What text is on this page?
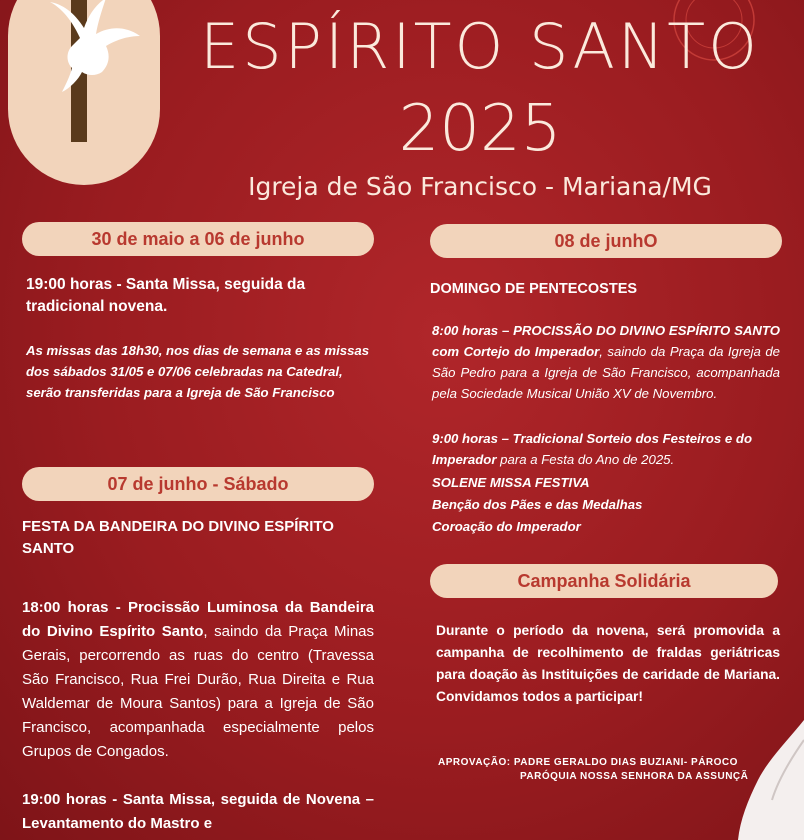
ESPÍRITO SANTO
2025
Igreja de São Francisco - Mariana/MG
30 de maio a 06 de junho
19:00 horas - Santa Missa, seguida da tradicional novena.
As missas das 18h30, nos dias de semana e as missas dos sábados 31/05 e 07/06 celebradas na Catedral, serão transferidas para a Igreja de São Francisco
07 de junho - Sábado
FESTA DA BANDEIRA DO DIVINO ESPÍRITO SANTO
18:00 horas - Procissão Luminosa da Bandeira do Divino Espírito Santo, saindo da Praça Minas Gerais, percorrendo as ruas do centro (Travessa São Francisco, Rua Frei Durão, Rua Direita e Rua Waldemar de Moura Santos) para a Igreja de São Francisco, acompanhada especialmente pelos Grupos de Congados.
19:00 horas - Santa Missa, seguida de Novena – Levantamento do Mastro e
08 de junhO
DOMINGO DE PENTECOSTES
8:00 horas – PROCISSÃO DO DIVINO ESPÍRITO SANTO com Cortejo do Imperador, saindo da Praça da Igreja de São Pedro para a Igreja de São Francisco, acompanhada pela Sociedade Musical União XV de Novembro.
9:00 horas – Tradicional Sorteio dos Festeiros e do Imperador para a Festa do Ano de 2025.
SOLENE MISSA FESTIVA
Benção dos Pães e das Medalhas
Coroação do Imperador
Campanha Solidária
Durante o período da novena, será promovida a campanha de recolhimento de fraldas geriátricas para doação às Instituições de caridade de Mariana. Convidamos todos a participar!
APROVAÇÃO: PADRE GERALDO DIAS BUZIANI- PÁROCO
PARÓQUIA NOSSA SENHORA DA ASSUNÇÃ
